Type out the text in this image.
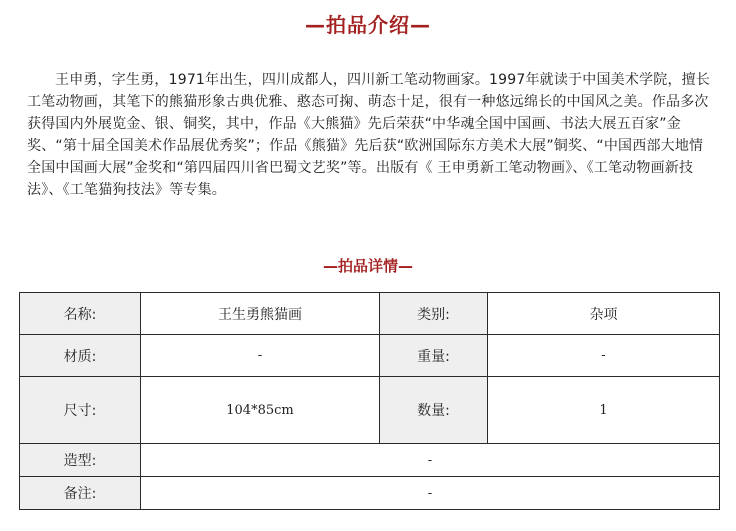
—拍品介绍—

王申勇，字生勇，1971年出生，四川成都人，四川新工笔动物画家。1997年就读于中国美术学院，擅长工笔动物画，其笔下的熊猫形象古典优雅、憨态可掬、萌态十足，很有一种悠远绵长的中国风之美。作品多次获得国内外展览金、银、铜奖，其中，作品《大熊猫》先后荣获“中华魂全国中国画、书法大展五百家”金奖、“第十届全国美术作品展优秀奖”；作品《熊猫》先后获“欧洲国际东方美术大展”铜奖、“中国西部大地情全国中国画大展”金奖和“第四届四川省巴蜀文艺奖”等。出版有《 王申勇新工笔动物画》、《工笔动物画新技法》、《工笔猫狗技法》等专集。

—拍品详情—
名称:	王生勇熊猫画	类别:	杂项
材质:	-	重量:	-
尺寸:	104*85cm	数量:	1
造型:	-		
备注:	-		
